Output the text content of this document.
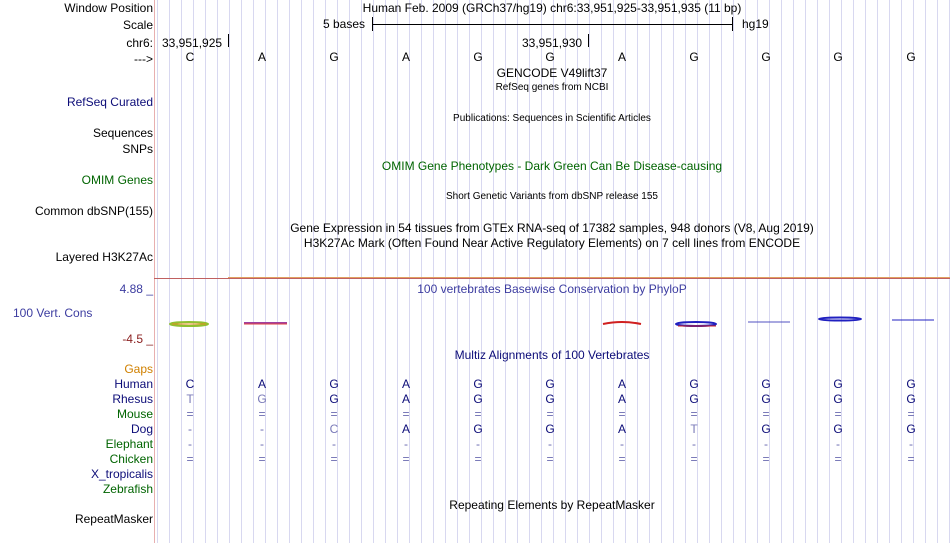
Window Position	Human Feb. 2009 (GRCh37/hg19) chr6:33,951,925-33,951,935 (11 bp)
Scale	5 bases	hg19
chr6: 33,951,925	33,951,930
--->	C	A	G	A	G	G	A	G	G	G	G
GENCODE V49lift37
RefSeq genes from NCBI
RefSeq Curated
Publications: Sequences in Scientific Articles
Sequences
SNPs
OMIM Gene Phenotypes - Dark Green Can Be Disease-causing
OMIM Genes
Short Genetic Variants from dbSNP release 155
Common dbSNP(155)
Gene Expression in 54 tissues from GTEx RNA-seq of 17382 samples, 948 donors (V8, Aug 2019)
H3K27Ac Mark (Often Found Near Active Regulatory Elements) on 7 cell lines from ENCODE
Layered H3K27Ac
4.88 _	100 vertebrates Basewise Conservation by PhyloP
100 Vert. Cons
-4.5 _
Multiz Alignments of 100 Vertebrates
Gaps
Human	C	A	G	A	G	G	A	G	G	G	G
Rhesus	T	G	G	A	G	G	A	G	G	G	G
Mouse	=	=	=	=	=	=	=	=	=	=	=
Dog	-	-	C	A	G	G	A	T	G	G	G
Elephant	-	-	-	-	-	-	-	-	-	-	-
Chicken	=	=	=	=	=	=	=	=	=	=	=
X_tropicalis
Zebrafish
Repeating Elements by RepeatMasker
RepeatMasker
